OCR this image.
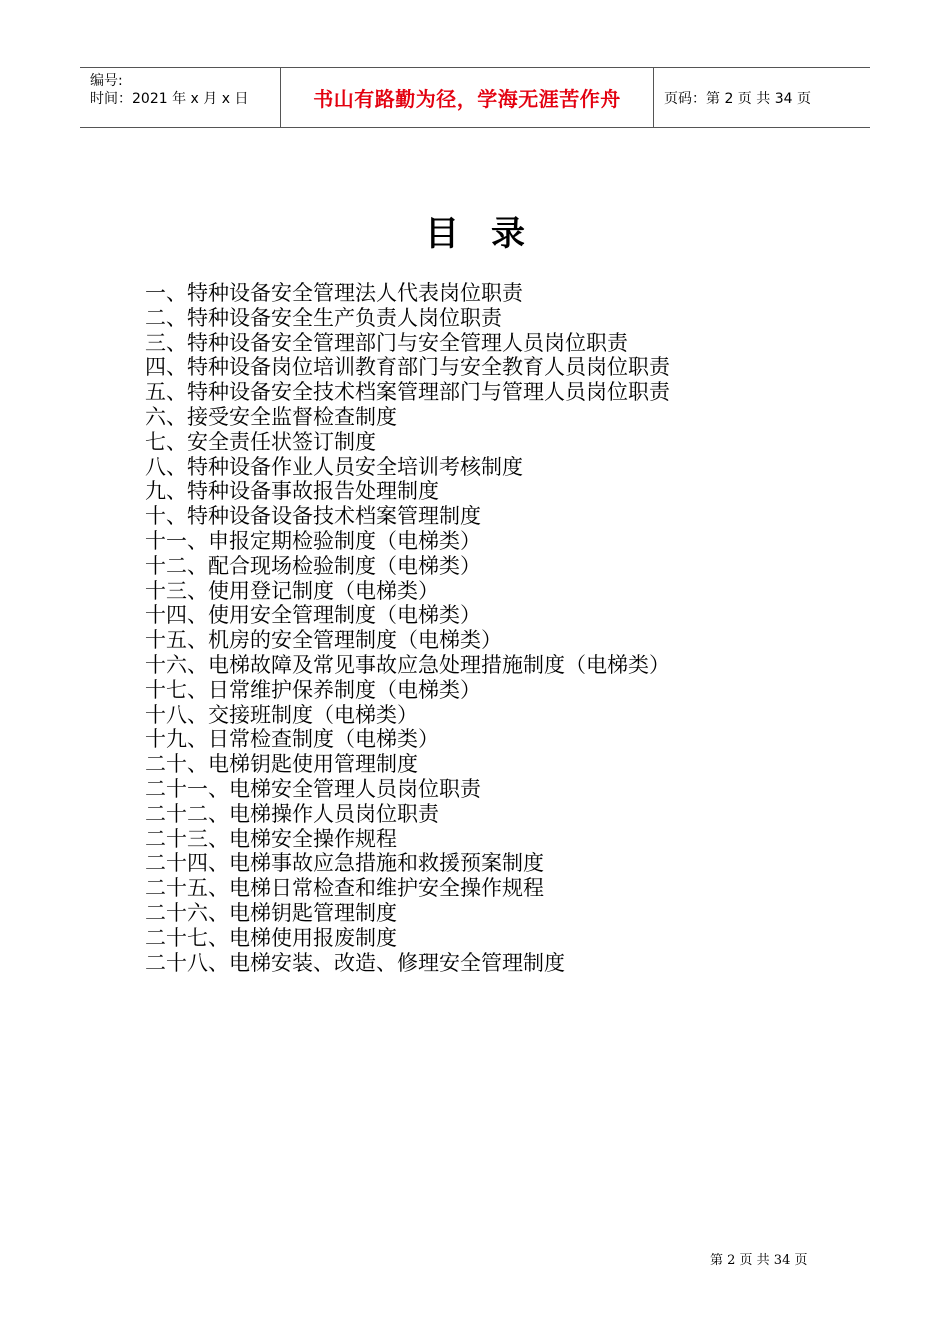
编号:
时间：2021 年 x 月 x 日	书山有路勤为径，学海无涯苦作舟	页码：第 2 页 共 34 页
目录
一、特种设备安全管理法人代表岗位职责
二、特种设备安全生产负责人岗位职责
三、特种设备安全管理部门与安全管理人员岗位职责
四、特种设备岗位培训教育部门与安全教育人员岗位职责
五、特种设备安全技术档案管理部门与管理人员岗位职责
六、接受安全监督检查制度
七、安全责任状签订制度
八、特种设备作业人员安全培训考核制度
九、特种设备事故报告处理制度
十、特种设备设备技术档案管理制度
十一、申报定期检验制度（电梯类）
十二、配合现场检验制度（电梯类）
十三、使用登记制度（电梯类）
十四、使用安全管理制度（电梯类）
十五、机房的安全管理制度（电梯类）
十六、电梯故障及常见事故应急处理措施制度（电梯类）
十七、日常维护保养制度（电梯类）
十八、交接班制度（电梯类）
十九、日常检查制度（电梯类）
二十、电梯钥匙使用管理制度
二十一、电梯安全管理人员岗位职责
二十二、电梯操作人员岗位职责
二十三、电梯安全操作规程
二十四、电梯事故应急措施和救援预案制度
二十五、电梯日常检查和维护安全操作规程
二十六、电梯钥匙管理制度
二十七、电梯使用报废制度
二十八、电梯安装、改造、修理安全管理制度
第 2 页 共 34 页
